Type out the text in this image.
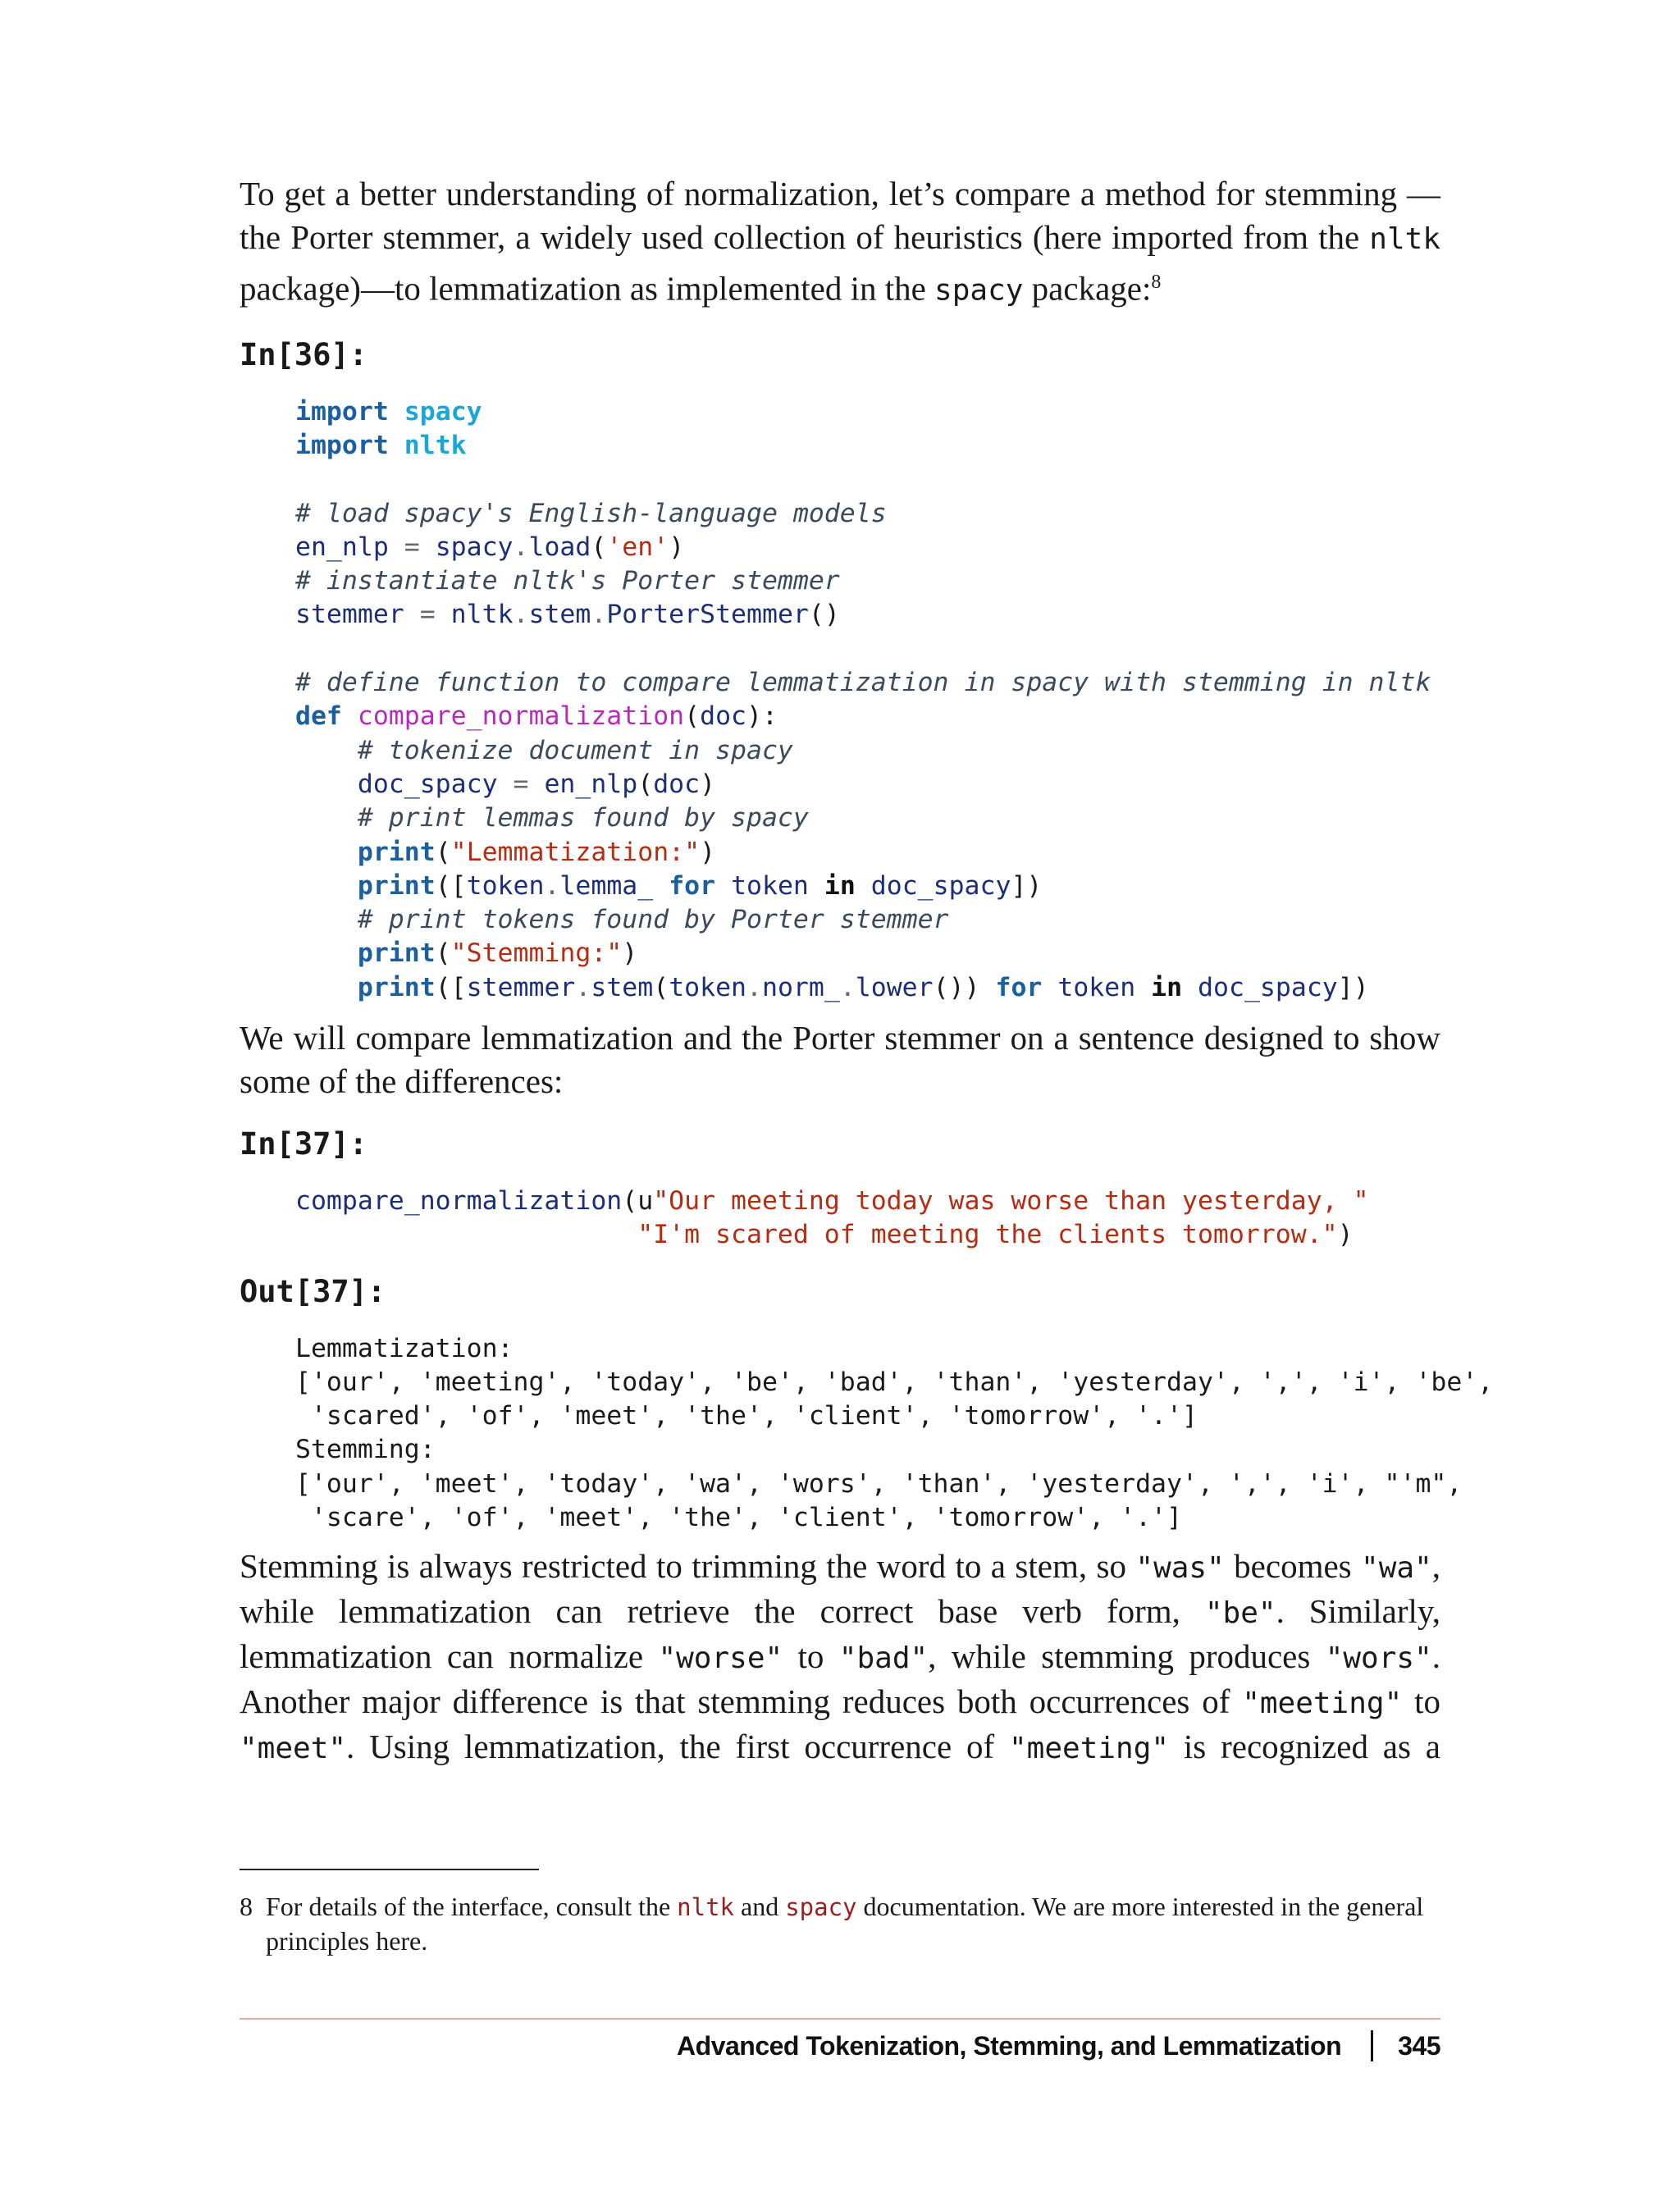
To get a better understanding of normalization, let’s compare a method for stemming —the Porter stemmer, a widely used collection of heuristics (here imported from the nltk package)—to lemmatization as implemented in the spacy package:$^8$

In[36]:

import spacy
import nltk

# load spacy's English-language models
en_nlp = spacy.load('en')
# instantiate nltk's Porter stemmer
stemmer = nltk.stem.PorterStemmer()

# define function to compare lemmatization in spacy with stemming in nltk
def compare_normalization(doc):
# tokenize document in spacy
doc_spacy = en_nlp(doc)
# print lemmas found by spacy
print("Lemmatization:")
print([token.lemma_ for token in doc_spacy])
# print tokens found by Porter stemmer
print("Stemming:")
print([stemmer.stem(token.norm_.lower()) for token in doc_spacy])

We will compare lemmatization and the Porter stemmer on a sentence designed to show some of the differences:

In[37]:

compare_normalization(u"Our meeting today was worse than yesterday, "
"I'm scared of meeting the clients tomorrow.")

Out[37]:

Lemmatization:
['our', 'meeting', 'today', 'be', 'bad', 'than', 'yesterday', ',', 'i', 'be',
'scared', 'of', 'meet', 'the', 'client', 'tomorrow', '.']
Stemming:
['our', 'meet', 'today', 'wa', 'wors', 'than', 'yesterday', ',', 'i', "'m",
'scare', 'of', 'meet', 'the', 'client', 'tomorrow', '.']

Stemming is always restricted to trimming the word to a stem, so "was" becomes "wa", while lemmatization can retrieve the correct base verb form, "be". Similarly, lemmatization can normalize "worse" to "bad", while stemming produces "wors". Another major difference is that stemming reduces both occurrences of "meeting" to "meet". Using lemmatization, the first occurrence of "meeting" is recognized as a

8 For details of the interface, consult the nltk and spacy documentation. We are more interested in the general
principles here.
Advanced Tokenization, Stemming, and Lemmatization 345
